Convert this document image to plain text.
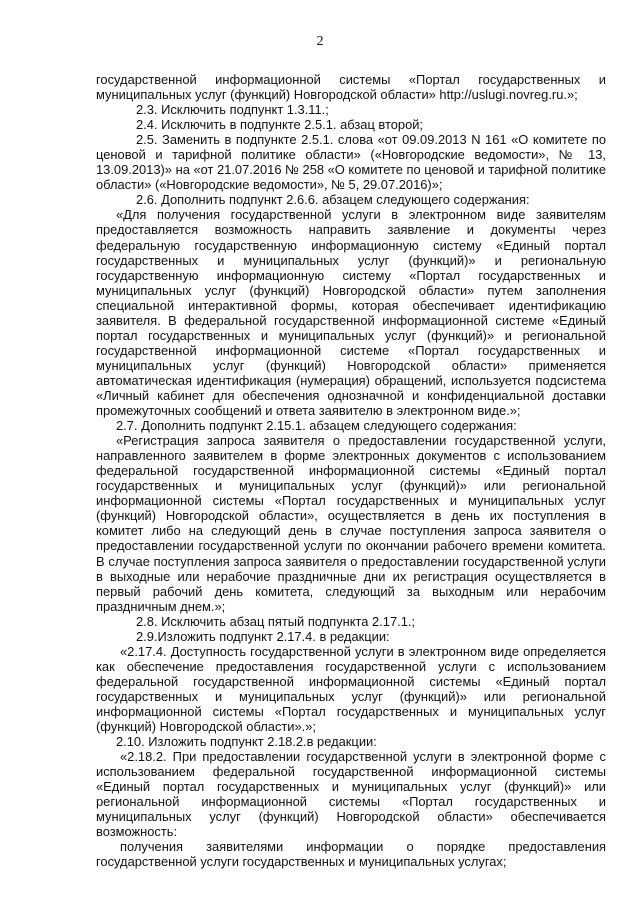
2

государственной информационной системы «Портал государственных и муниципальных услуг (функций) Новгородской области» http://uslugi.novreg.ru.»;

2.3. Исключить подпункт 1.3.11.;

2.4. Исключить в подпункте 2.5.1. абзац второй;

2.5. Заменить в подпункте 2.5.1. слова «от 09.09.2013 N 161 «О комитете по ценовой и тарифной политике области» («Новгородские ведомости», № 13, 13.09.2013)» на «от 21.07.2016 № 258 «О комитете по ценовой и тарифной политике области» («Новгородские ведомости», № 5, 29.07.2016)»;

2.6. Дополнить подпункт 2.6.6. абзацем следующего содержания:

«Для получения государственной услуги в электронном виде заявителям предоставляется возможность направить заявление и документы через федеральную государственную информационную систему «Единый портал государственных и муниципальных услуг (функций)» и региональную государственную информационную систему «Портал государственных и муниципальных услуг (функций) Новгородской области» путем заполнения специальной интерактивной формы, которая обеспечивает идентификацию заявителя. В федеральной государственной информационной системе «Единый портал государственных и муниципальных услуг (функций)» и региональной государственной информационной системе «Портал государственных и муниципальных услуг (функций) Новгородской области» применяется автоматическая идентификация (нумерация) обращений, используется подсистема «Личный кабинет для обеспечения однозначной и конфиденциальной доставки промежуточных сообщений и ответа заявителю в электронном виде.»;

2.7. Дополнить подпункт 2.15.1. абзацем следующего содержания:

«Регистрация запроса заявителя о предоставлении государственной услуги, направленного заявителем в форме электронных документов с использованием федеральной государственной информационной системы «Единый портал государственных и муниципальных услуг (функций)» или региональной информационной системы «Портал государственных и муниципальных услуг (функций) Новгородской области», осуществляется в день их поступления в комитет либо на следующий день в случае поступления запроса заявителя о предоставлении государственной услуги по окончании рабочего времени комитета. В случае поступления запроса заявителя о предоставлении государственной услуги в выходные или нерабочие праздничные дни их регистрация осуществляется в первый рабочий день комитета, следующий за выходным или нерабочим праздничным днем.»;

2.8. Исключить абзац пятый подпункта 2.17.1.;

2.9.Изложить подпункт 2.17.4. в редакции:

«2.17.4. Доступность государственной услуги в электронном виде определяется как обеспечение предоставления государственной услуги с использованием федеральной государственной информационной системы «Единый портал государственных и муниципальных услуг (функций)» или региональной информационной системы «Портал государственных и муниципальных услуг (функций) Новгородской области».»;

2.10. Изложить подпункт 2.18.2.в редакции:

«2.18.2. При предоставлении государственной услуги в электронной форме с использованием федеральной государственной информационной системы «Единый портал государственных и муниципальных услуг (функций)» или региональной информационной системы «Портал государственных и муниципальных услуг (функций) Новгородской области» обеспечивается возможность:

получения заявителями информации о порядке предоставления государственной услуги государственных и муниципальных услугах;
